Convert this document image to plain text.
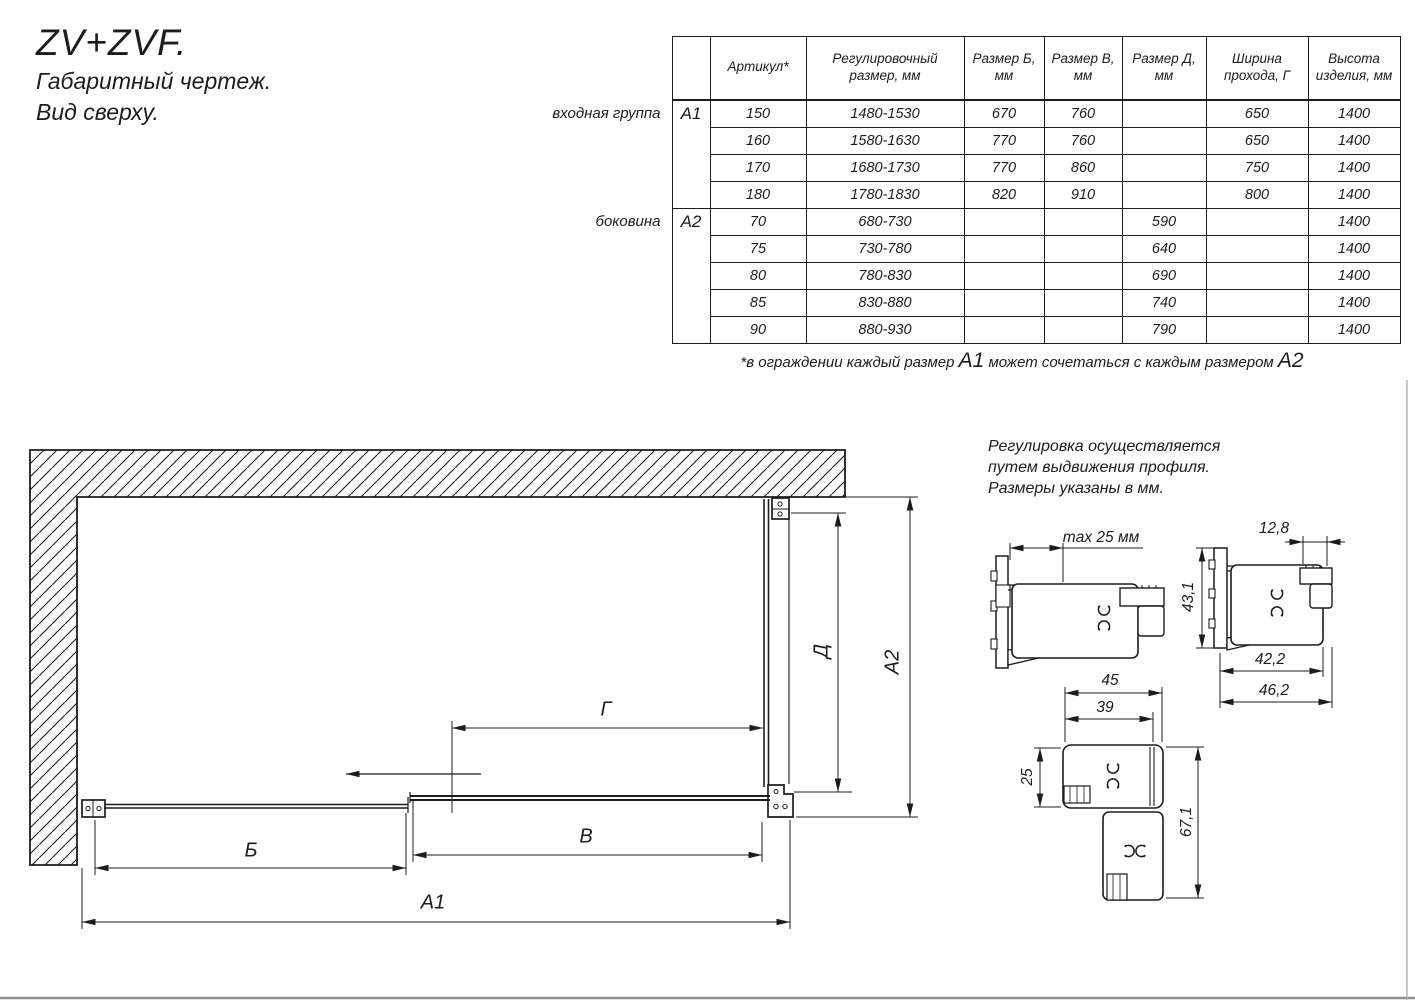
ZV+ZVF.
Габаритный чертеж.
Вид сверху.
		Артикул*	Регулировочный размер, мм	Размер Б, мм	Размер В, мм	Размер Д, мм	Ширина прохода, Г	Высота изделия, мм
входная группа	А1	150	1480-1530	670	760		650	1400
		160	1580-1630	770	760		650	1400
		170	1680-1730	770	860		750	1400
		180	1780-1830	820	910		800	1400
боковина	А2	70	680-730			590		1400
		75	730-780			640		1400
		80	780-830			690		1400
		85	830-880			740		1400
		90	880-930			790		1400
*в ограждении каждый размер А1 может сочетаться с каждым размером А2
Регулировка осуществляется
путем выдвижения профиля.
Размеры указаны в мм.
Г
Б
В
А1
Д А2
max 25 мм
12,8
43,1
42,2
46,2
45
39
25
67,1
